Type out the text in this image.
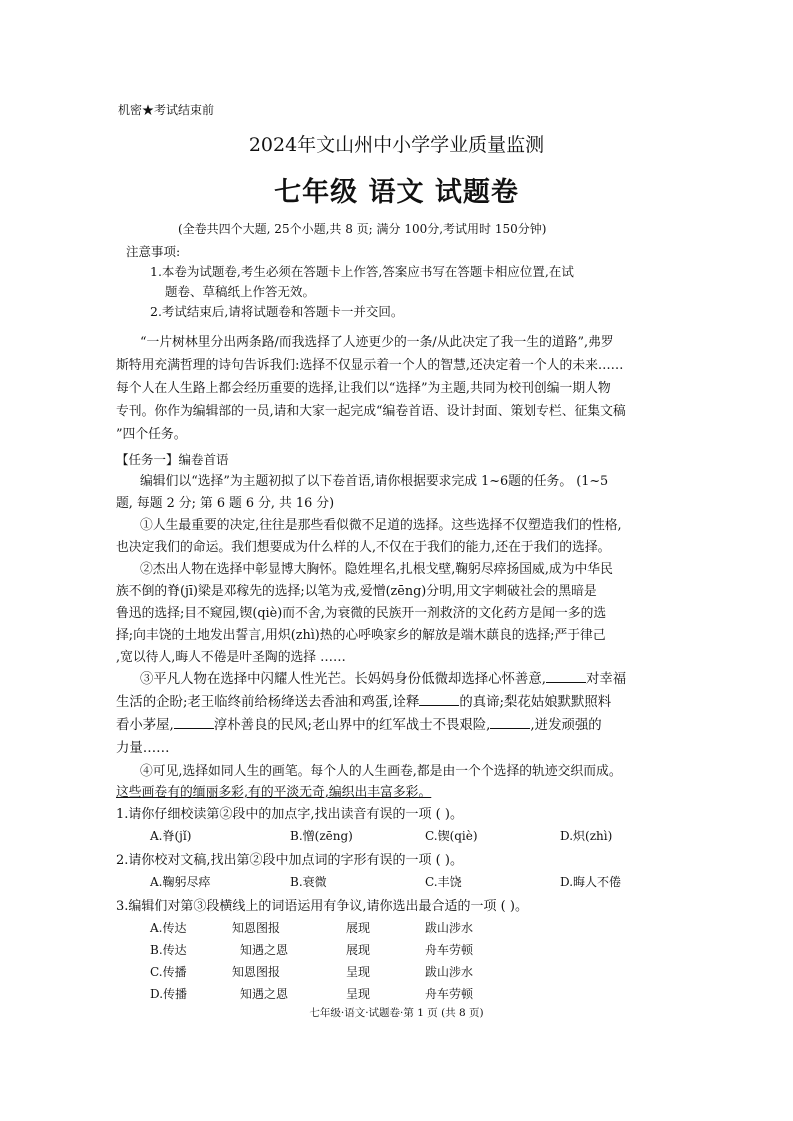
机密★考试结束前
2024年文山州中小学学业质量监测
七年级 语文 试题卷
(全卷共四个大题, 25个小题,共 8 页; 满分 100分,考试用时 150分钟)
注意事项:
1.本卷为试题卷,考生必须在答题卡上作答,答案应书写在答题卡相应位置,在试
题卷、草稿纸上作答无效。
2.考试结束后,请将试题卷和答题卡一并交回。
“一片树林里分出两条路/而我选择了人迹更少的一条/从此决定了我一生的道路”,弗罗
斯特用充满哲理的诗句告诉我们:选择不仅显示着一个人的智慧,还决定着一个人的未来……
每个人在人生路上都会经历重要的选择,让我们以“选择”为主题,共同为校刊创编一期人物
专刊。你作为编辑部的一员,请和大家一起完成“编卷首语、设计封面、策划专栏、征集文稿
”四个任务。
【任务一】编卷首语
编辑们以“选择”为主题初拟了以下卷首语,请你根据要求完成 1~6题的任务。 (1~5
题, 每题 2 分; 第 6 题 6 分, 共 16 分)
①人生最重要的决定,往往是那些看似微不足道的选择。这些选择不仅塑造我们的性格,
也决定我们的命运。我们想要成为什么样的人,不仅在于我们的能力,还在于我们的选择。
②杰出人物在选择中彰显博大胸怀。隐姓埋名,扎根戈壁,鞠躬尽瘁扬国威,成为中华民
族不倒的脊(jī)梁是邓稼先的选择;以笔为戎,爱憎(zēng)分明,用文字刺破社会的黑暗是
鲁迅的选择;目不窥园,锲(qiè)而不舍,为衰微的民族开一剂救济的文化药方是闻一多的选
择;向丰饶的土地发出誓言,用炽(zhì)热的心呼唤家乡的解放是端木蕻良的选择;严于律己
,宽以待人,晦人不倦是叶圣陶的选择 ……
③平凡人物在选择中闪耀人性光芒。长妈妈身份低微却选择心怀善意,	对幸福
生活的企盼;老王临终前给杨绛送去香油和鸡蛋,诠释	的真谛;梨花姑娘默默照料
看小茅屋,	淳朴善良的民风;老山界中的红军战士不畏艰险,	,迸发顽强的
力量……
④可见,选择如同人生的画笔。每个人的人生画卷,都是由一个个选择的轨迹交织而成。
这些画卷有的缅丽多彩,有的平淡无奇,编织出丰富多彩。
1.请你仔细校读第②段中的加点字,找出读音有误的一项 ( )。
A.脊(jǐ)	B.憎(zēng)	C.锲(qiè)	D.炽(zhì)
2.请你校对文稿,找出第②段中加点词的字形有误的一项 ( )。
A.鞠躬尽瘁	B.衰微	C.丰饶	D.晦人不倦
3.编辑们对第③段横线上的词语运用有争议,请你选出最合适的一项 ( )。
A.传达	知恩图报	展现	跋山涉水
B.传达	知遇之恩	展现	舟车劳顿
C.传播	知恩图报	呈现	跋山涉水
D.传播	知遇之恩	呈现	舟车劳顿
七年级·语文·试题卷·第 1 页 (共 8 页)
